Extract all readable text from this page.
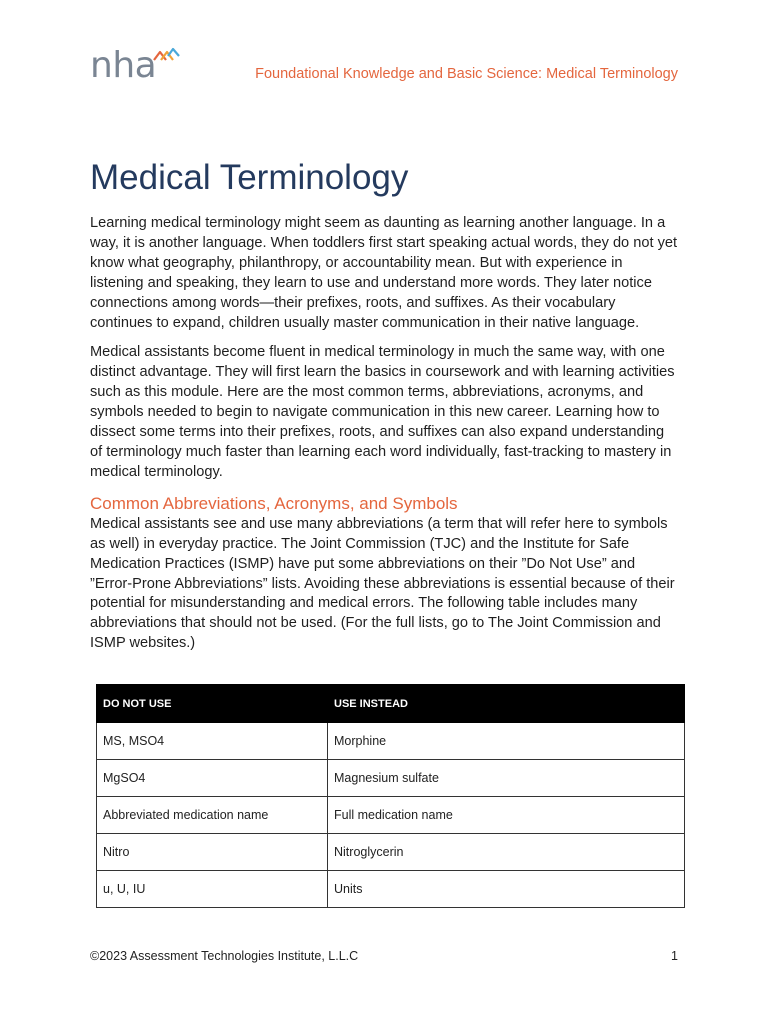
nha	Foundational Knowledge and Basic Science: Medical Terminology
Medical Terminology

Learning medical terminology might seem as daunting as learning another language. In a way, it is another language. When toddlers first start speaking actual words, they do not yet know what geography, philanthropy, or accountability mean. But with experience in listening and speaking, they learn to use and understand more words. They later notice connections among words—their prefixes, roots, and suffixes. As their vocabulary continues to expand, children usually master communication in their native language.

Medical assistants become fluent in medical terminology in much the same way, with one distinct advantage. They will first learn the basics in coursework and with learning activities such as this module. Here are the most common terms, abbreviations, acronyms, and symbols needed to begin to navigate communication in this new career. Learning how to dissect some terms into their prefixes, roots, and suffixes can also expand understanding of terminology much faster than learning each word individually, fast-tracking to mastery in medical terminology.

Common Abbreviations, Acronyms, and Symbols

Medical assistants see and use many abbreviations (a term that will refer here to symbols as well) in everyday practice. The Joint Commission (TJC) and the Institute for Safe Medication Practices (ISMP) have put some abbreviations on their ”Do Not Use” and ”Error-Prone Abbreviations” lists. Avoiding these abbreviations is essential because of their potential for misunderstanding and medical errors. The following table includes many abbreviations that should not be used. (For the full lists, go to The Joint Commission and ISMP websites.)

DO NOT USE	USE INSTEAD
MS, MSO4	Morphine
MgSO4	Magnesium sulfate
Abbreviated medication name	Full medication name
Nitro	Nitroglycerin
u, U, IU	Units
©2023 Assessment Technologies Institute, L.L.C	1
